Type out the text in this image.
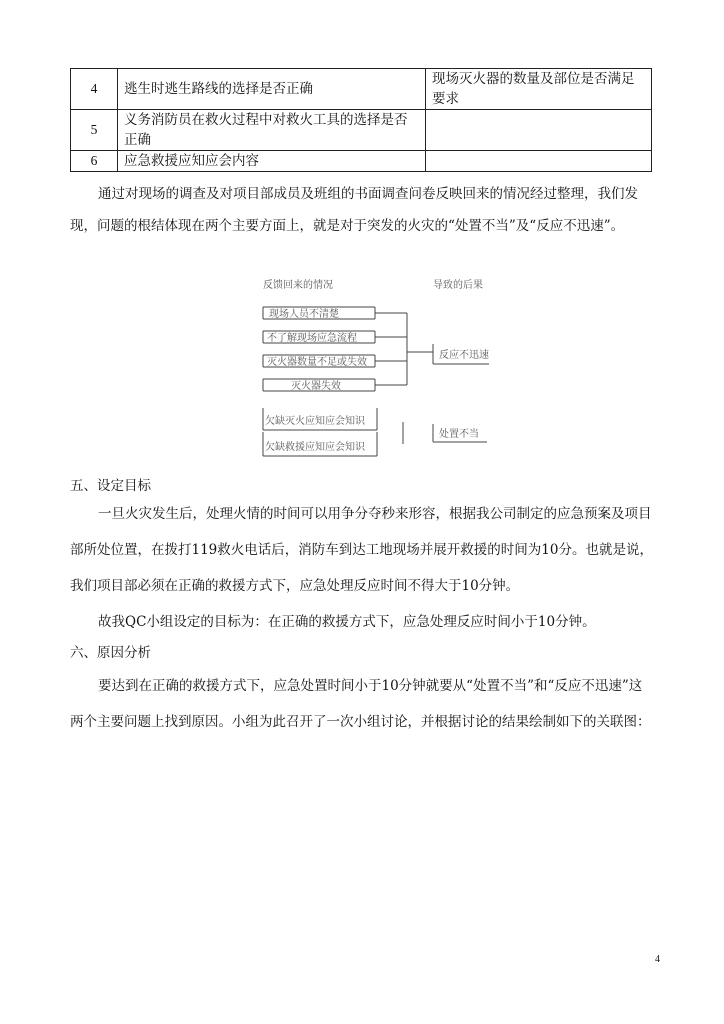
4	逃生时逃生路线的选择是否正确	现场灭火器的数量及部位是否满足要求
5	义务消防员在救火过程中对救火工具的选择是否正确	
6	应急救援应知应会内容	
通过对现场的调查及对项目部成员及班组的书面调查问卷反映回来的情况经过整理，我们发现，问题的根结体现在两个主要方面上，就是对于突发的火灾的“处置不当”及“反应不迅速”。
反馈回来的情况	导致的后果
现场人员不清楚
不了解现场应急流程
灭火器数量不足或失效
灭火器失效
欠缺灭火应知应会知识
欠缺救援应知应会知识
反应不迅速
处置不当
五、设定目标
一旦火灾发生后，处理火情的时间可以用争分夺秒来形容，根据我公司制定的应急预案及项目部所处位置，在拨打119救火电话后，消防车到达工地现场并展开救援的时间为10分。也就是说，我们项目部必须在正确的救援方式下，应急处理反应时间不得大于10分钟。
故我QC小组设定的目标为：在正确的救援方式下，应急处理反应时间小于10分钟。
六、原因分析
要达到在正确的救援方式下，应急处置时间小于10分钟就要从“处置不当”和“反应不迅速”这两个主要问题上找到原因。小组为此召开了一次小组讨论，并根据讨论的结果绘制如下的关联图：
4
